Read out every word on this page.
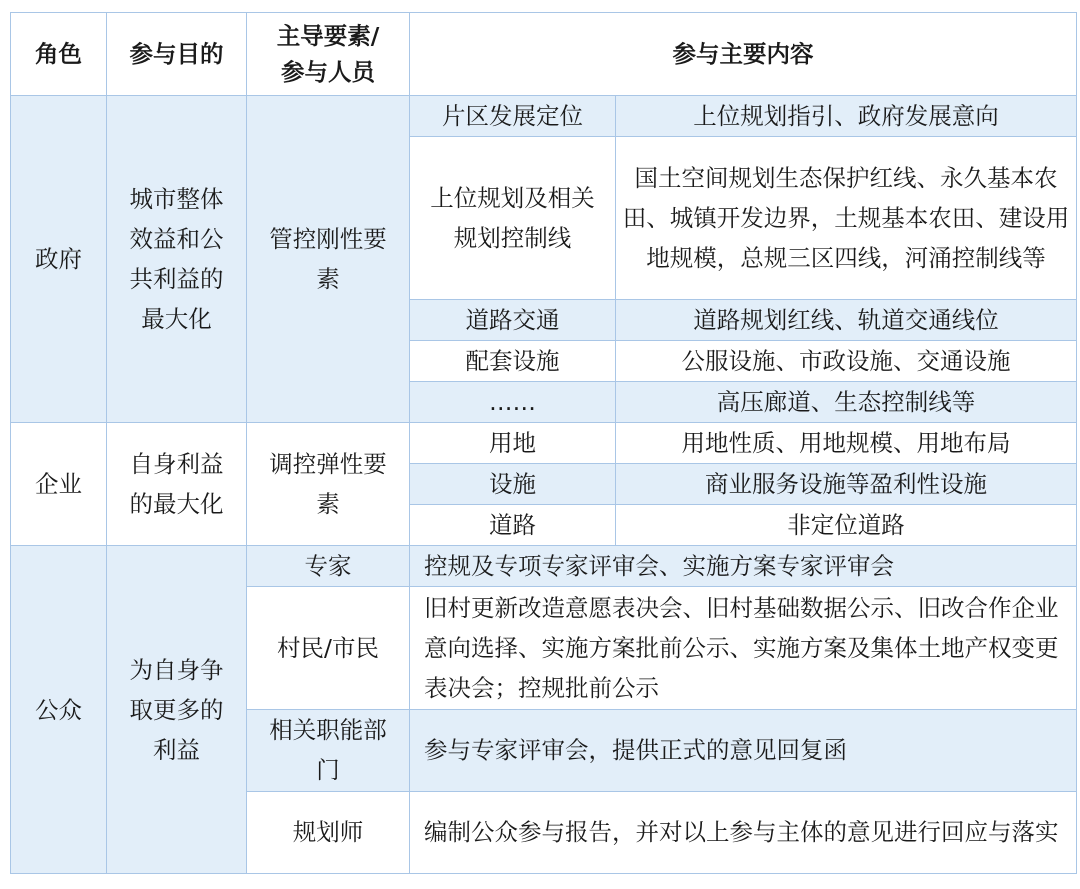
角色	参与目的	主导要素/参与人员	参与主要内容	
政府	城市整体效益和公共利益的最大化	管控刚性要素	片区发展定位	上位规划指引、政府发展意向
			上位规划及相关规划控制线	国土空间规划生态保护红线、永久基本农田、城镇开发边界，土规基本农田、建设用地规模，总规三区四线，河涌控制线等
			道路交通	道路规划红线、轨道交通线位
			配套设施	公服设施、市政设施、交通设施
			……	高压廊道、生态控制线等
企业	自身利益的最大化	调控弹性要素	用地	用地性质、用地规模、用地布局
			设施	商业服务设施等盈利性设施
			道路	非定位道路
公众	为自身争取更多的利益	专家	控规及专项专家评审会、实施方案专家评审会	
		村民/市民	旧村更新改造意愿表决会、旧村基础数据公示、旧改合作企业意向选择、实施方案批前公示、实施方案及集体土地产权变更表决会；控规批前公示	
		相关职能部门	参与专家评审会，提供正式的意见回复函	
		规划师	编制公众参与报告，并对以上参与主体的意见进行回应与落实	
